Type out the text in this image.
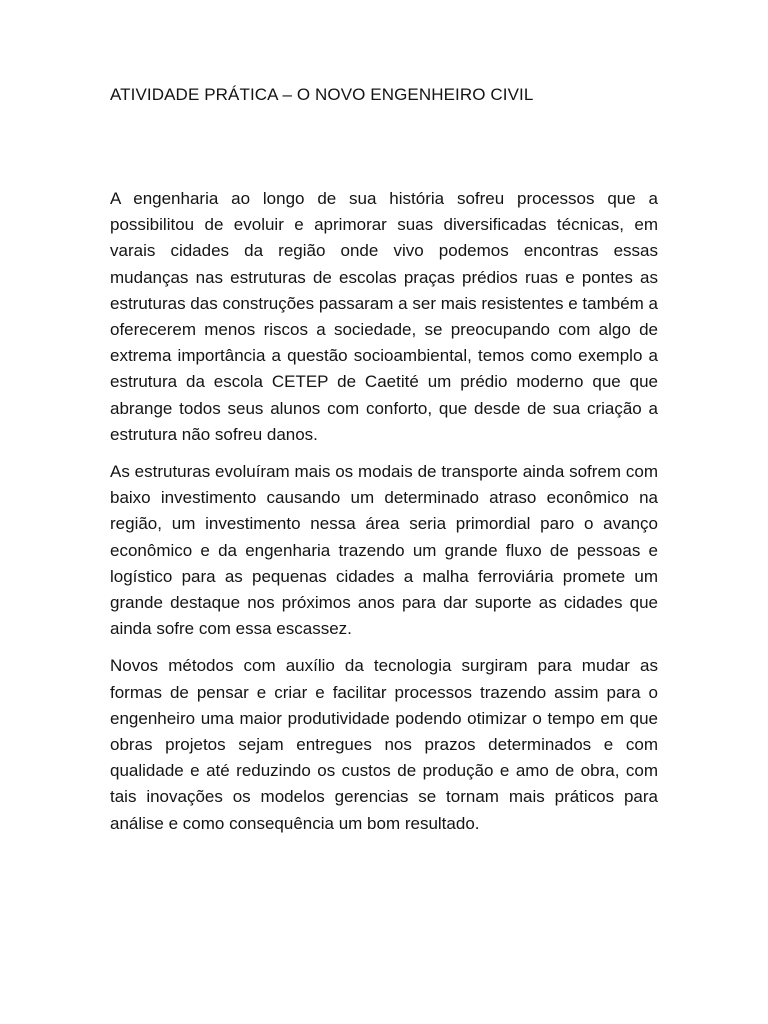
ATIVIDADE PRÁTICA – O NOVO ENGENHEIRO CIVIL

A engenharia ao longo de sua história sofreu processos que a possibilitou de evoluir e aprimorar suas diversificadas técnicas, em varais cidades da região onde vivo podemos encontras essas mudanças nas estruturas de escolas praças prédios ruas e pontes as estruturas das construções passaram a ser mais resistentes e também a oferecerem menos riscos a sociedade, se preocupando com algo de extrema importância a questão socioambiental, temos como exemplo a estrutura da escola CETEP de Caetité um prédio moderno que que abrange todos seus alunos com conforto, que desde de sua criação a estrutura não sofreu danos.

As estruturas evoluíram mais os modais de transporte ainda sofrem com baixo investimento causando um determinado atraso econômico na região, um investimento nessa área seria primordial paro o avanço econômico e da engenharia trazendo um grande fluxo de pessoas e logístico para as pequenas cidades a malha ferroviária promete um grande destaque nos próximos anos para dar suporte as cidades que ainda sofre com essa escassez.

Novos métodos com auxílio da tecnologia surgiram para mudar as formas de pensar e criar e facilitar processos trazendo assim para o engenheiro uma maior produtividade podendo otimizar o tempo em que obras projetos sejam entregues nos prazos determinados e com qualidade e até reduzindo os custos de produção e amo de obra, com tais inovações os modelos gerencias se tornam mais práticos para análise e como consequência um bom resultado.
